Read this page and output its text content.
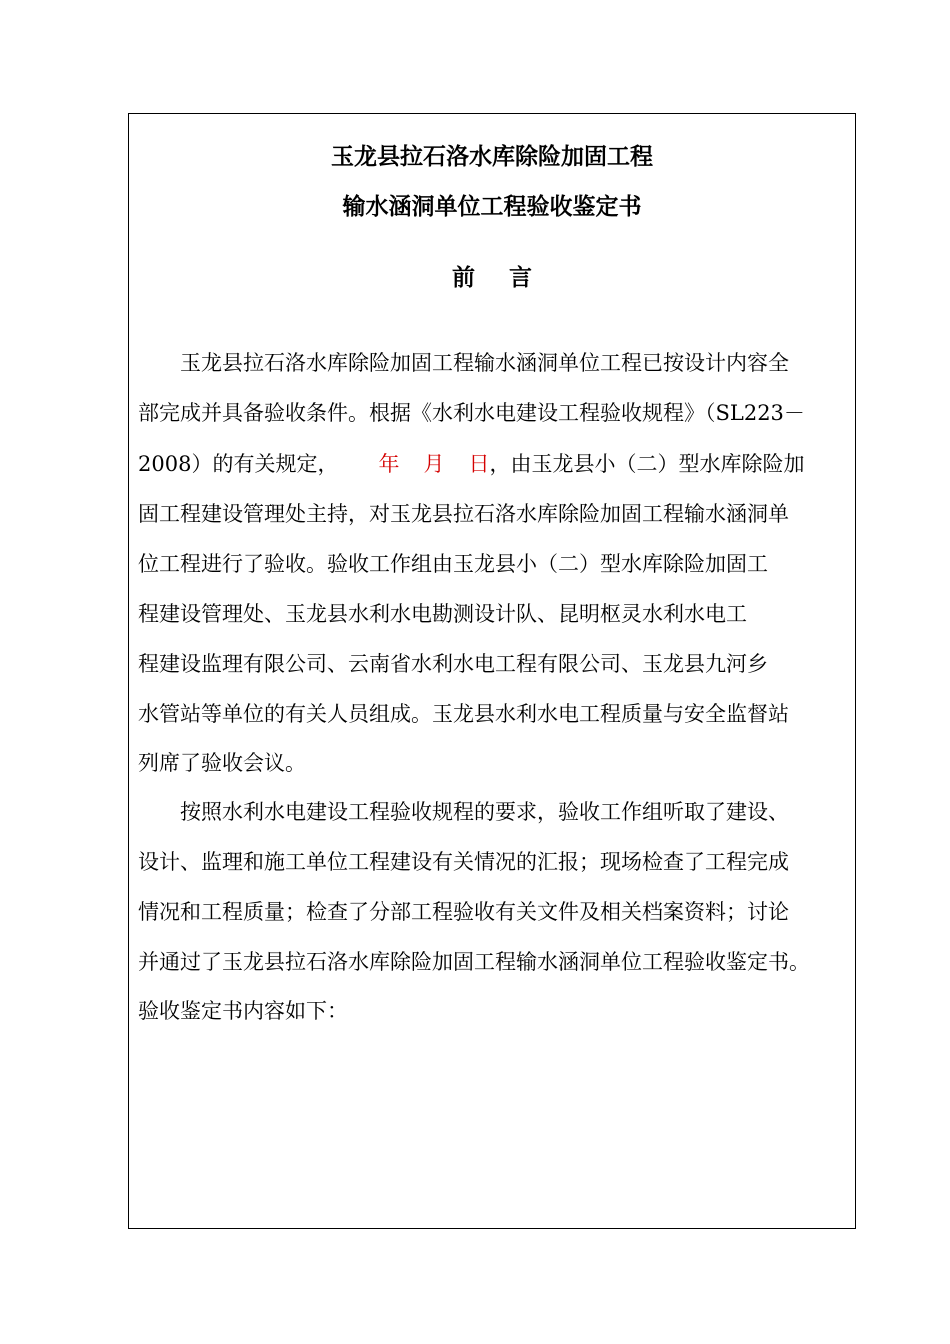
玉龙县拉石洛水库除险加固工程
输水涵洞单位工程验收鉴定书
前 言
玉龙县拉石洛水库除险加固工程输水涵洞单位工程已按设计内容全
部完成并具备验收条件。根据《水利水电建设工程验收规程》（SL223－
2008）的有关规定， 年 月 日，由玉龙县小（二）型水库除险加
固工程建设管理处主持，对玉龙县拉石洛水库除险加固工程输水涵洞单
位工程进行了验收。验收工作组由玉龙县小（二）型水库除险加固工
程建设管理处、玉龙县水利水电勘测设计队、昆明枢灵水利水电工
程建设监理有限公司、云南省水利水电工程有限公司、玉龙县九河乡
水管站等单位的有关人员组成。玉龙县水利水电工程质量与安全监督站
列席了验收会议。
按照水利水电建设工程验收规程的要求，验收工作组听取了建设、
设计、监理和施工单位工程建设有关情况的汇报；现场检查了工程完成
情况和工程质量；检查了分部工程验收有关文件及相关档案资料；讨论
并通过了玉龙县拉石洛水库除险加固工程输水涵洞单位工程验收鉴定书。
验收鉴定书内容如下：
